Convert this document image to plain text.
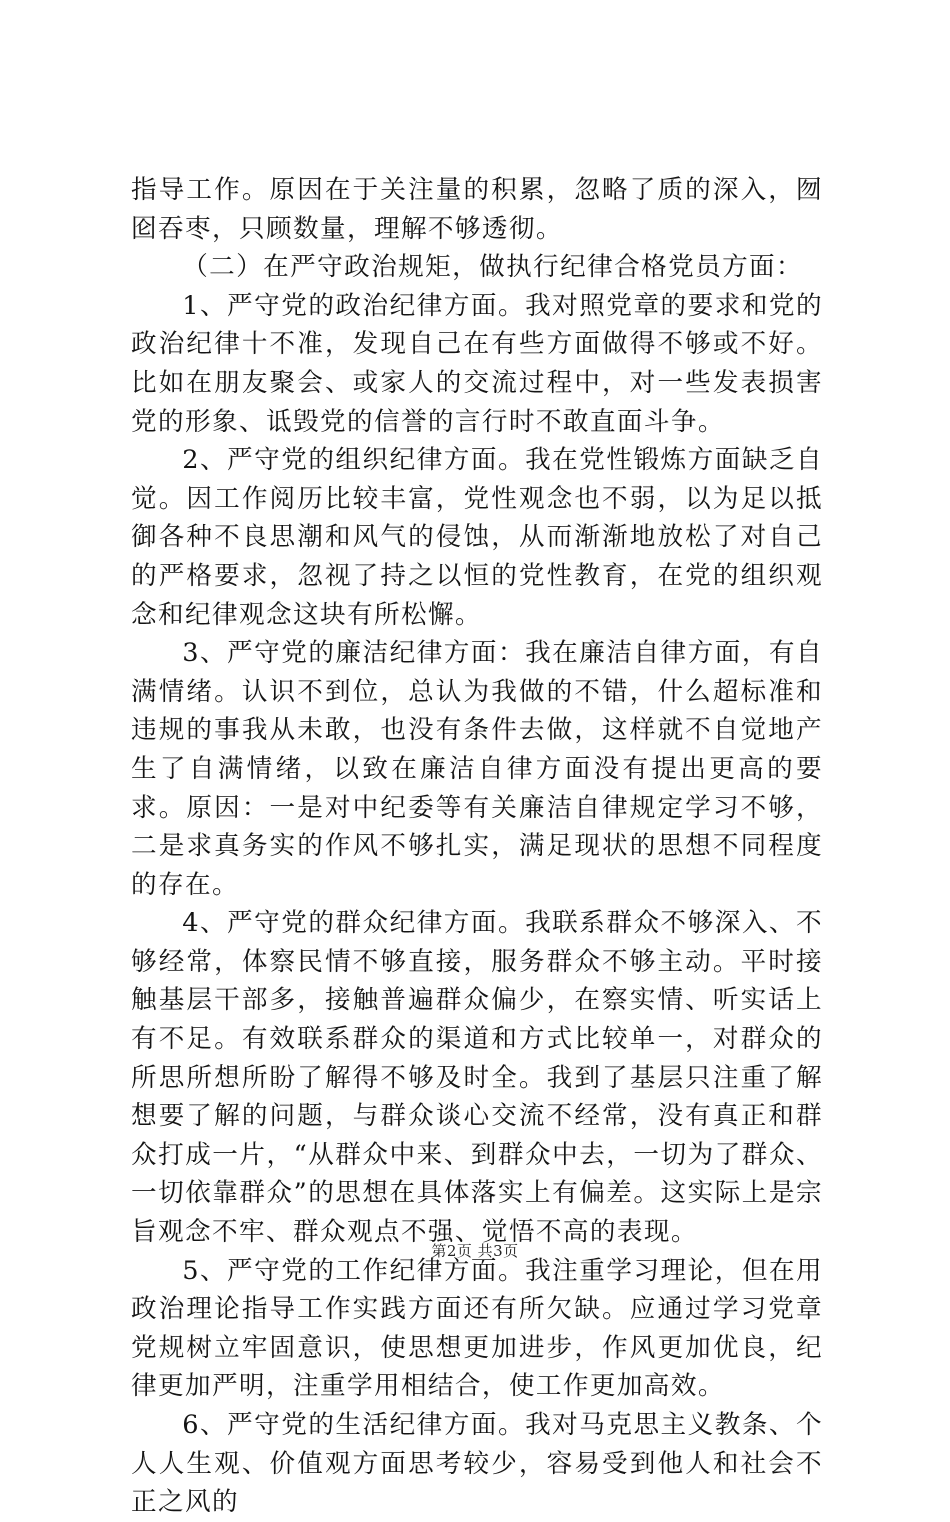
指导工作。原因在于关注量的积累，忽略了质的深入，囫囵吞枣，只顾数量，理解不够透彻。

（二）在严守政治规矩，做执行纪律合格党员方面：

1、严守党的政治纪律方面。我对照党章的要求和党的政治纪律十不准，发现自己在有些方面做得不够或不好。比如在朋友聚会、或家人的交流过程中，对一些发表损害党的形象、诋毁党的信誉的言行时不敢直面斗争。

2、严守党的组织纪律方面。我在党性锻炼方面缺乏自觉。因工作阅历比较丰富，党性观念也不弱，以为足以抵御各种不良思潮和风气的侵蚀，从而渐渐地放松了对自己的严格要求，忽视了持之以恒的党性教育，在党的组织观念和纪律观念这块有所松懈。

3、严守党的廉洁纪律方面：我在廉洁自律方面，有自满情绪。认识不到位，总认为我做的不错，什么超标准和违规的事我从未敢，也没有条件去做，这样就不自觉地产生了自满情绪，以致在廉洁自律方面没有提出更高的要求。原因：一是对中纪委等有关廉洁自律规定学习不够，二是求真务实的作风不够扎实，满足现状的思想不同程度的存在。

4、严守党的群众纪律方面。我联系群众不够深入、不够经常，体察民情不够直接，服务群众不够主动。平时接触基层干部多，接触普遍群众偏少，在察实情、听实话上有不足。有效联系群众的渠道和方式比较单一，对群众的所思所想所盼了解得不够及时全。我到了基层只注重了解想要了解的问题，与群众谈心交流不经常，没有真正和群众打成一片，“从群众中来、到群众中去，一切为了群众、一切依靠群众”的思想在具体落实上有偏差。这实际上是宗旨观念不牢、群众观点不强、觉悟不高的表现。

5、严守党的工作纪律方面。我注重学习理论，但在用政治理论指导工作实践方面还有所欠缺。应通过学习党章党规树立牢固意识，使思想更加进步，作风更加优良，纪律更加严明，注重学用相结合，使工作更加高效。

6、严守党的生活纪律方面。我对马克思主义教条、个人人生观、价值观方面思考较少，容易受到他人和社会不正之风的

第2页 共3页
